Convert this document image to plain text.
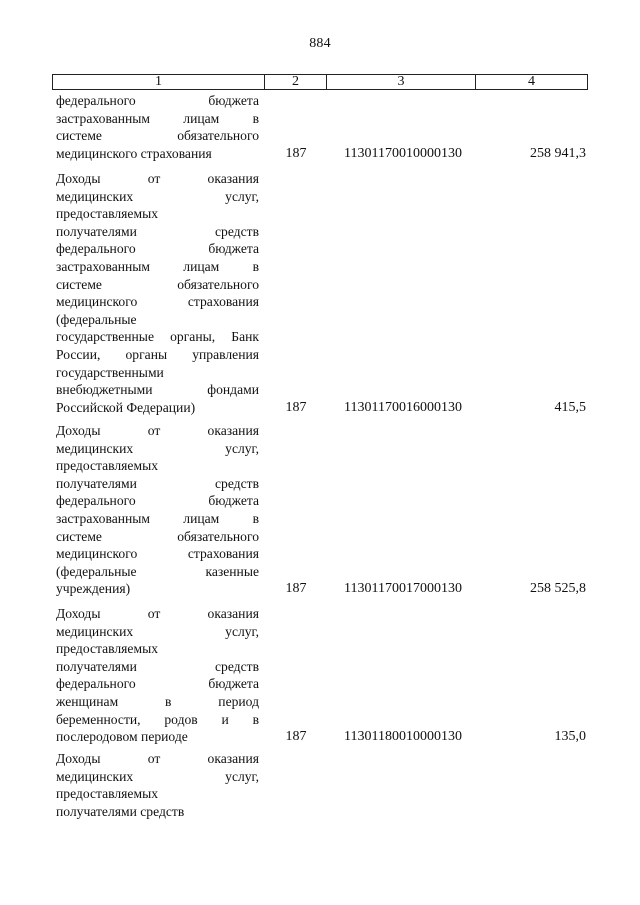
884
1	2	3	4
федерального бюджета
застрахованным лицам в
системе обязательного
медицинского страхования	187	11301170010000130	258 941,3
Доходы от оказания
медицинских услуг,
предоставляемых
получателями средств
федерального бюджета
застрахованным лицам в
системе обязательного
медицинского страхования
(федеральные
государственные органы, Банк
России, органы управления
государственными
внебюджетными фондами
Российской Федерации)	187	11301170016000130	415,5
Доходы от оказания
медицинских услуг,
предоставляемых
получателями средств
федерального бюджета
застрахованным лицам в
системе обязательного
медицинского страхования
(федеральные казенные
учреждения)	187	11301170017000130	258 525,8
Доходы от оказания
медицинских услуг,
предоставляемых
получателями средств
федерального бюджета
женщинам в период
беременности, родов и в
послеродовом периоде	187	11301180010000130	135,0
Доходы от оказания
медицинских услуг,
предоставляемых
получателями средств
